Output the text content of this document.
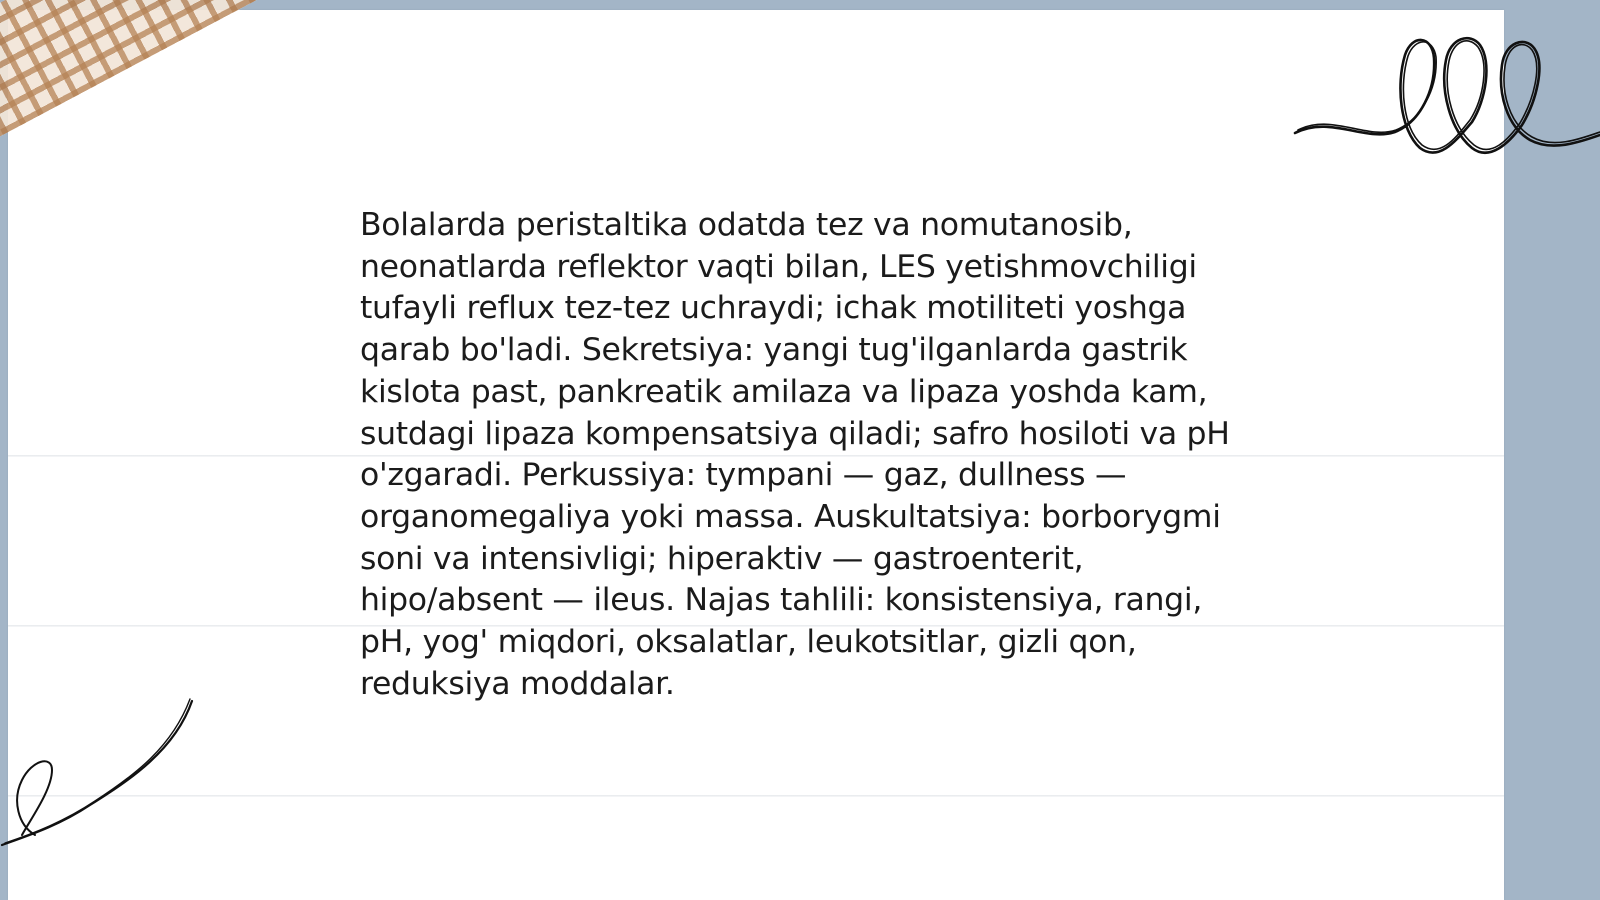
Bolalarda peristaltika odatda tez va nomutanosib, neonatlarda reflektor vaqti bilan, LES yetishmovchiligi tufayli reflux tez-tez uchraydi; ichak motiliteti yoshga qarab bo'ladi. Sekretsiya: yangi tug'ilganlarda gastrik kislota past, pankreatik amilaza va lipaza yoshda kam, sutdagi lipaza kompensatsiya qiladi; safro hosiloti va pH o'zgaradi. Perkussiya: tympani — gaz, dullness — organomegaliya yoki massa. Auskultatsiya: borborygmi soni va intensivligi; hiperaktiv — gastroenterit, hipo/absent — ileus. Najas tahlili: konsistensiya, rangi, pH, yog' miqdori, oksalatlar, leukotsitlar, gizli qon, reduksiya moddalar.
